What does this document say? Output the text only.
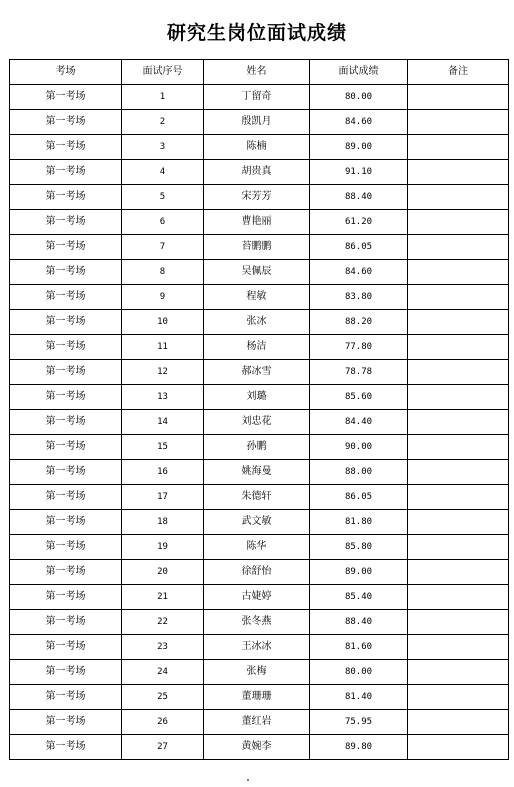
研究生岗位面试成绩
考场	面试序号	姓名	面试成绩	备注
第一考场	1	丁留奇	80.00	
第一考场	2	殷凯月	84.60	
第一考场	3	陈楠	89.00	
第一考场	4	胡贵真	91.10	
第一考场	5	宋芳芳	88.40	
第一考场	6	曹艳丽	61.20	
第一考场	7	苔鹏鹏	86.05	
第一考场	8	吴佩辰	84.60	
第一考场	9	程敏	83.80	
第一考场	10	张冰	88.20	
第一考场	11	杨洁	77.80	
第一考场	12	郝冰雪	78.78	
第一考场	13	刘璐	85.60	
第一考场	14	刘忠花	84.40	
第一考场	15	孙鹏	90.00	
第一考场	16	姚海曼	88.00	
第一考场	17	朱德轩	86.05	
第一考场	18	武文敏	81.80	
第一考场	19	陈华	85.80	
第一考场	20	徐舒怡	89.00	
第一考场	21	古婕婷	85.40	
第一考场	22	张冬燕	88.40	
第一考场	23	王冰冰	81.60	
第一考场	24	张梅	80.00	
第一考场	25	董珊珊	81.40	
第一考场	26	董红岩	75.95	
第一考场	27	黄婉李	89.80	
